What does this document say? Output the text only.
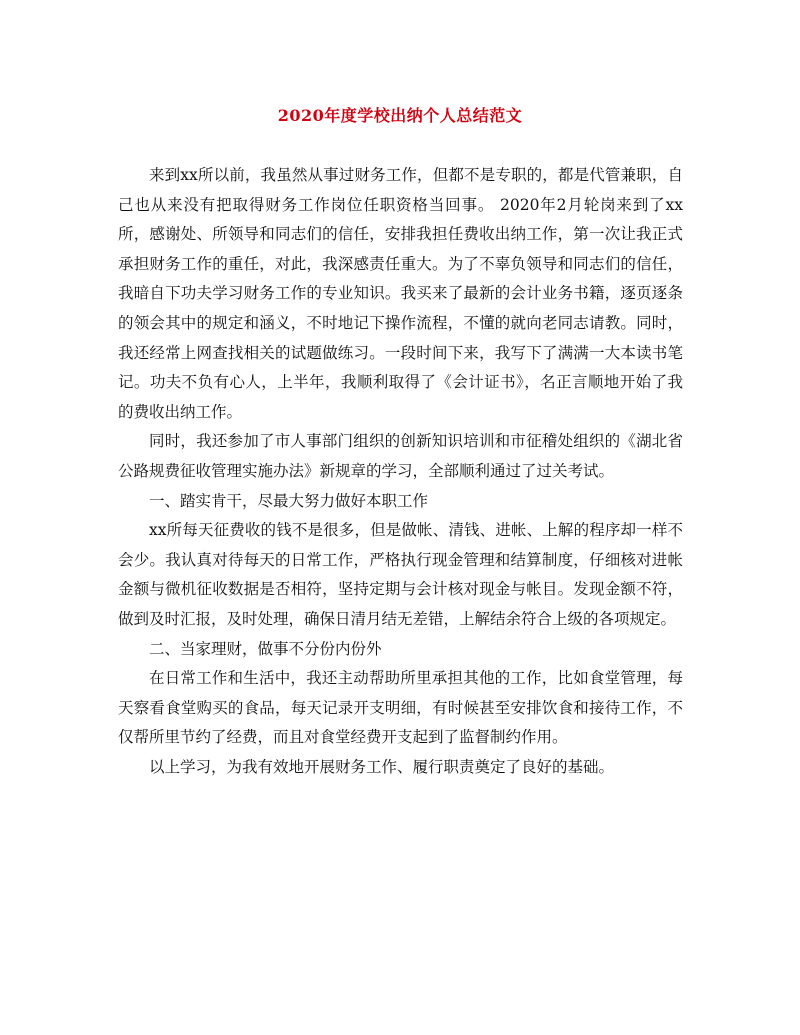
2020年度学校出纳个人总结范文

来到xx所以前，我虽然从事过财务工作，但都不是专职的，都是代管兼职，自己也从来没有把取得财务工作岗位任职资格当回事。 2020年2月轮岗来到了xx所，感谢处、所领导和同志们的信任，安排我担任费收出纳工作，第一次让我正式承担财务工作的重任，对此，我深感责任重大。为了不辜负领导和同志们的信任，我暗自下功夫学习财务工作的专业知识。我买来了最新的会计业务书籍，逐页逐条的领会其中的规定和涵义，不时地记下操作流程，不懂的就向老同志请教。同时，我还经常上网查找相关的试题做练习。一段时间下来，我写下了满满一大本读书笔记。功夫不负有心人，上半年，我顺利取得了《会计证书》，名正言顺地开始了我的费收出纳工作。

同时，我还参加了市人事部门组织的创新知识培训和市征稽处组织的《湖北省公路规费征收管理实施办法》新规章的学习，全部顺利通过了过关考试。

一、踏实肯干，尽最大努力做好本职工作

xx所每天征费收的钱不是很多，但是做帐、清钱、进帐、上解的程序却一样不会少。我认真对待每天的日常工作，严格执行现金管理和结算制度，仔细核对进帐金额与微机征收数据是否相符，坚持定期与会计核对现金与帐目。发现金额不符，做到及时汇报，及时处理，确保日清月结无差错，上解结余符合上级的各项规定。

二、当家理财，做事不分份内份外

在日常工作和生活中，我还主动帮助所里承担其他的工作，比如食堂管理，每天察看食堂购买的食品，每天记录开支明细，有时候甚至安排饮食和接待工作，不仅帮所里节约了经费，而且对食堂经费开支起到了监督制约作用。

以上学习，为我有效地开展财务工作、履行职责奠定了良好的基础。
